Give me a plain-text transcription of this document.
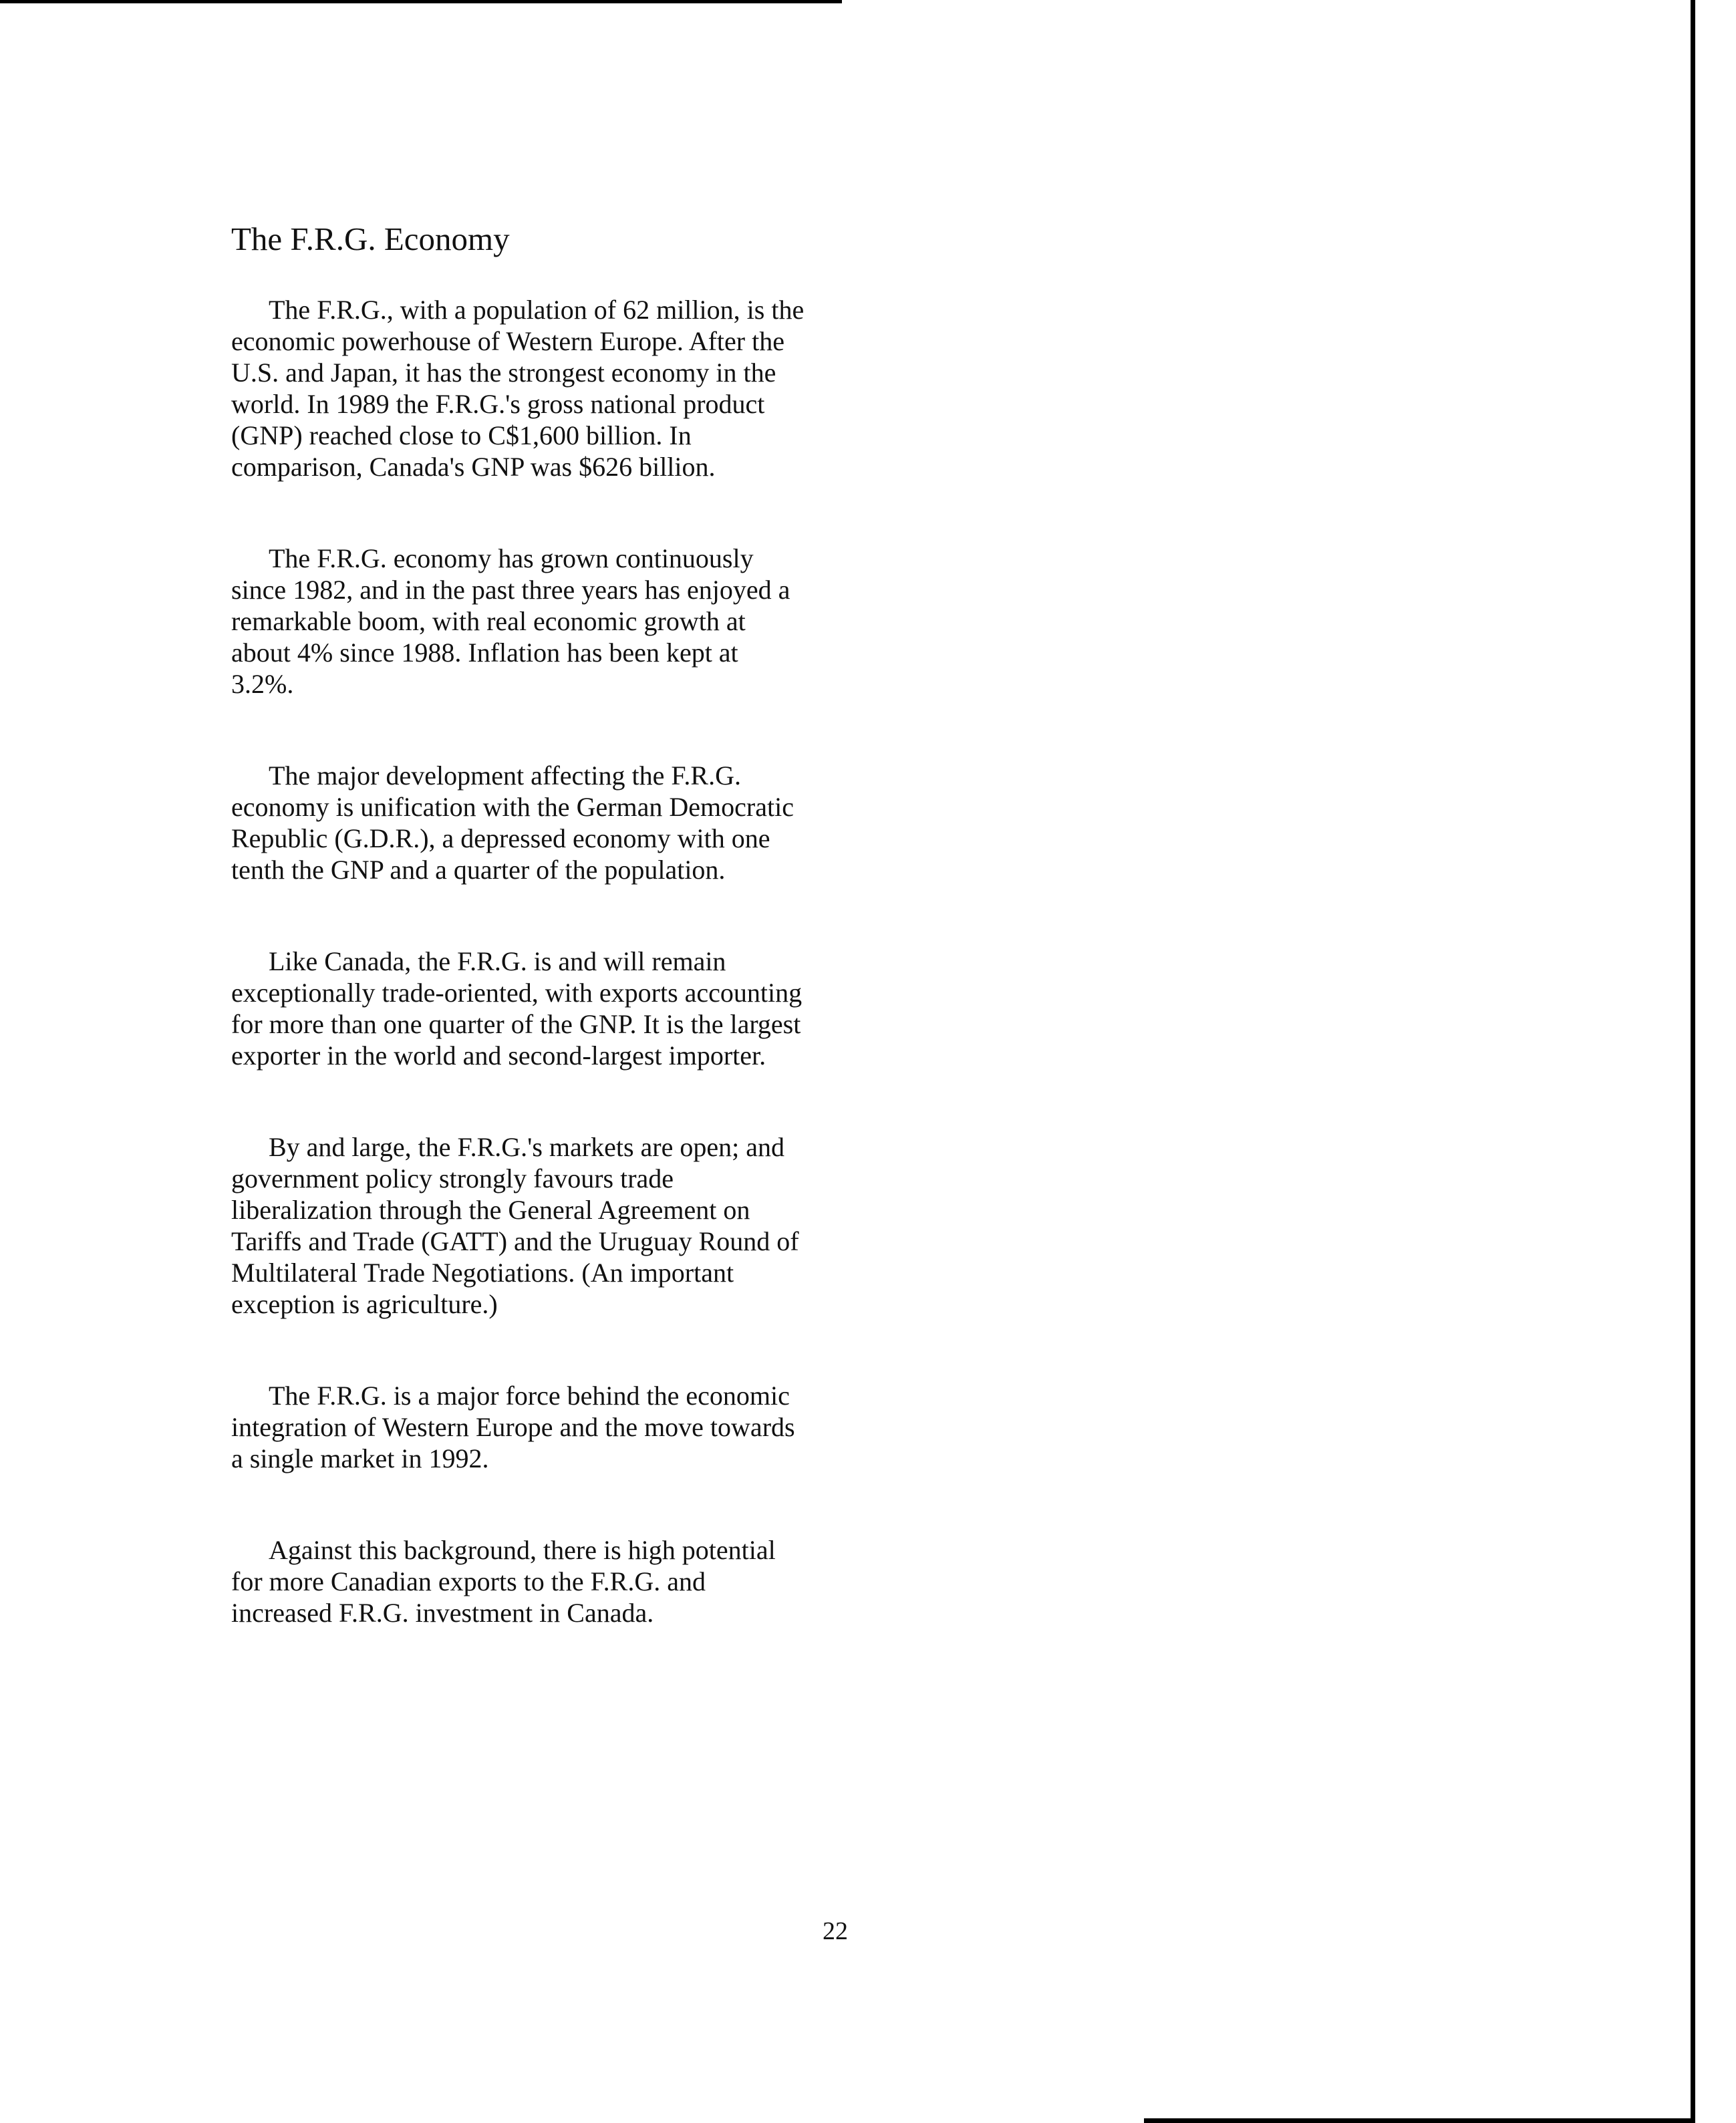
The F.R.G. Economy

The F.R.G., with a population of 62 million, is the economic powerhouse of Western Europe. After the U.S. and Japan, it has the strongest economy in the world. In 1989 the F.R.G.'s gross national product (GNP) reached close to C$1,600 billion. In comparison, Canada's GNP was $626 billion.

The F.R.G. economy has grown continuously since 1982, and in the past three years has enjoyed a remarkable boom, with real economic growth at about 4% since 1988. Inflation has been kept at 3.2%.

The major development affecting the F.R.G. economy is unification with the German Democratic Republic (G.D.R.), a depressed economy with one tenth the GNP and a quarter of the population.

Like Canada, the F.R.G. is and will remain exceptionally trade-oriented, with exports accounting for more than one quarter of the GNP. It is the largest exporter in the world and second-largest importer.

By and large, the F.R.G.'s markets are open; and government policy strongly favours trade liberalization through the General Agreement on Tariffs and Trade (GATT) and the Uruguay Round of Multilateral Trade Negotiations. (An important exception is agriculture.)

The F.R.G. is a major force behind the economic integration of Western Europe and the move towards a single market in 1992.

Against this background, there is high potential for more Canadian exports to the F.R.G. and increased F.R.G. investment in Canada.

22
